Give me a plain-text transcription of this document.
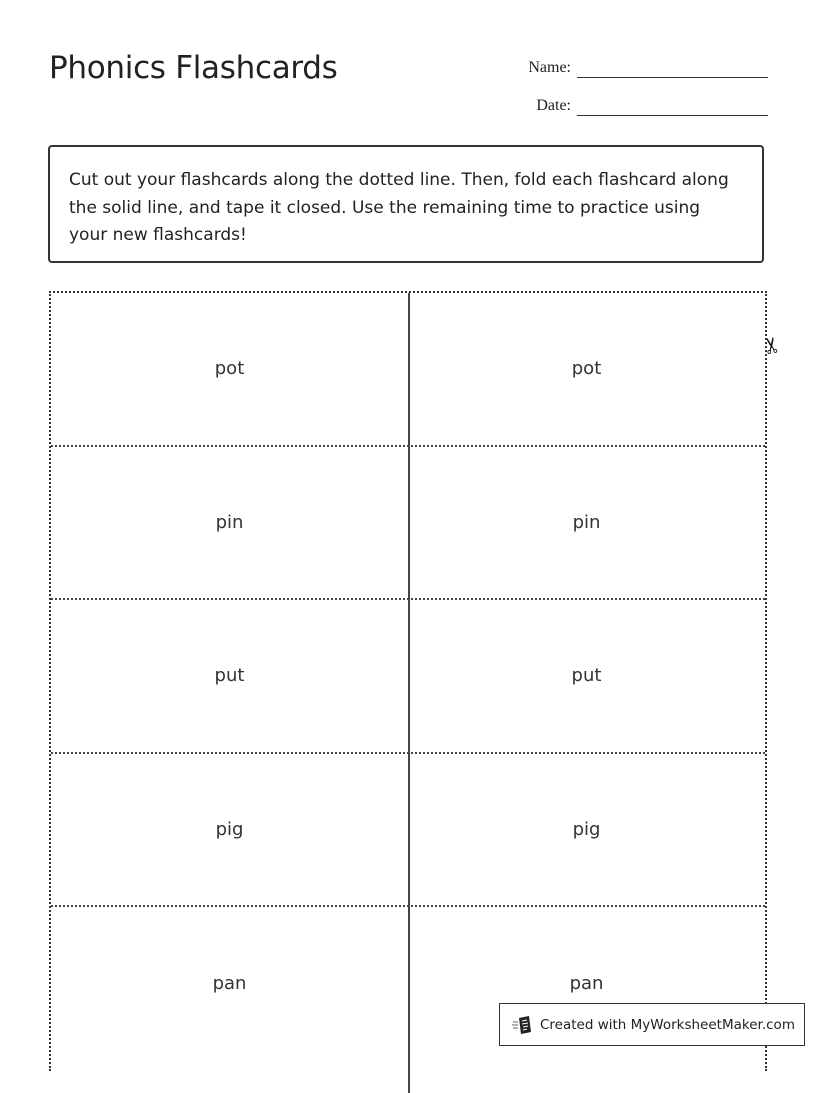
Phonics Flashcards	Name:
Date:
Cut out your flashcards along the dotted line. Then, fold each flashcard along the solid line, and tape it closed. Use the remaining time to practice using your new flashcards!
pot	pot
pin	pin
put	put
pig	pig
pan	pan
✂
Created with MyWorksheetMaker.com
